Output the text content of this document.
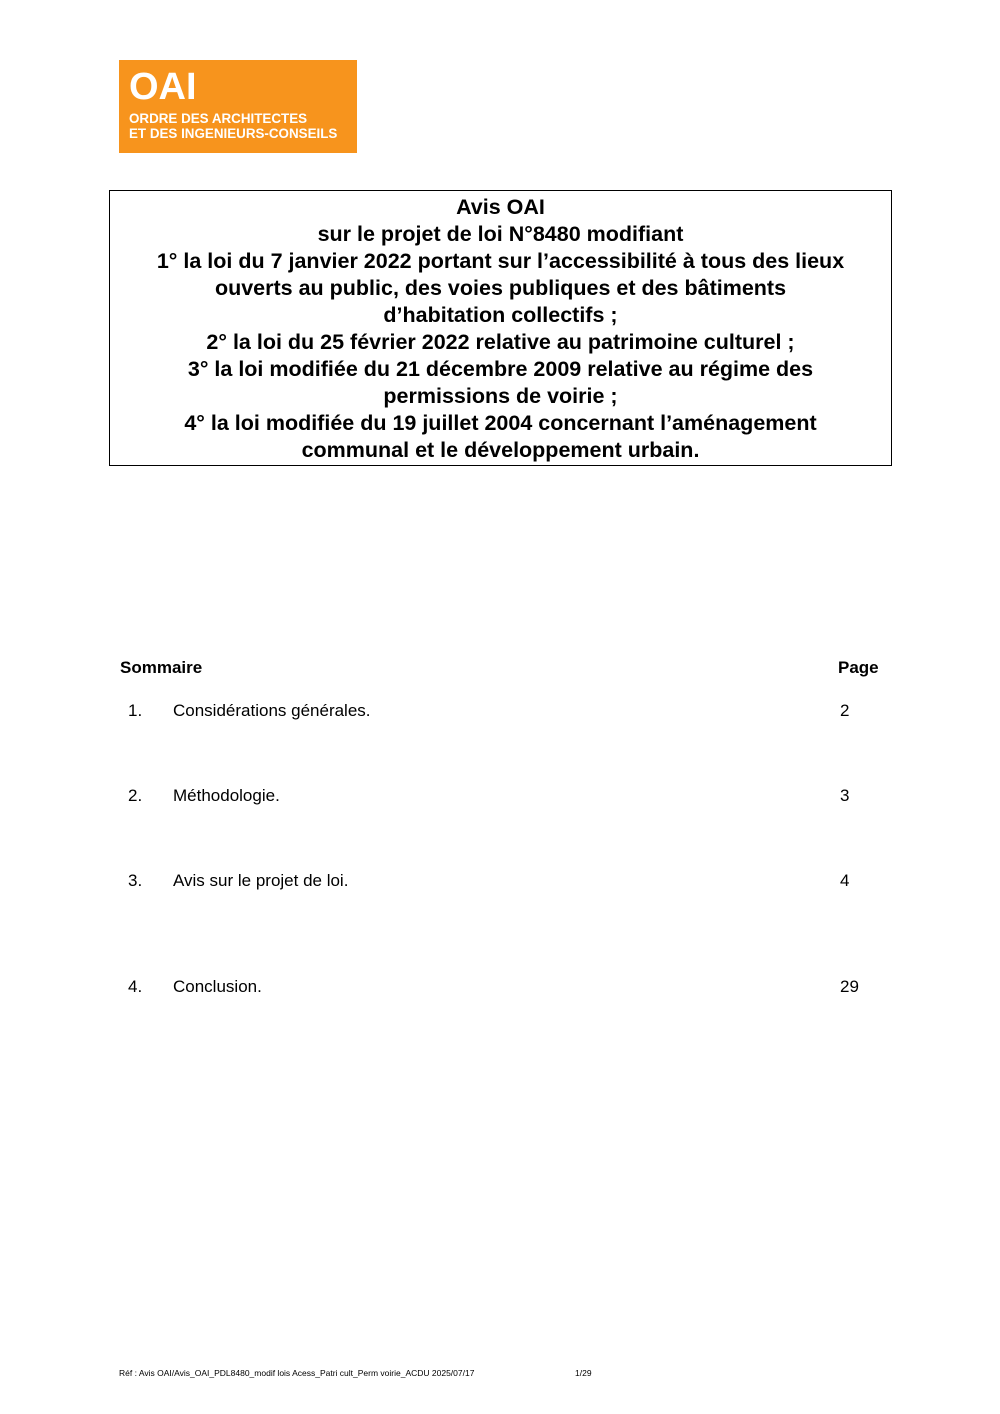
OAI
ORDRE DES ARCHITECTES
ET DES INGENIEURS-CONSEILS
Avis OAI
sur le projet de loi N°8480 modifiant
1° la loi du 7 janvier 2022 portant sur l’accessibilité à tous des lieux
ouverts au public, des voies publiques et des bâtiments
d’habitation collectifs ;
2° la loi du 25 février 2022 relative au patrimoine culturel ;
3° la loi modifiée du 21 décembre 2009 relative au régime des
permissions de voirie ;
4° la loi modifiée du 19 juillet 2004 concernant l’aménagement
communal et le développement urbain.
Sommaire	Page
1. Considérations générales.	2
2. Méthodologie.	3
3. Avis sur le projet de loi.	4
4. Conclusion.	29
Réf : Avis OAI/Avis_OAI_PDL8480_modif lois Acess_Patri cult_Perm voirie_ACDU 2025/07/17	1/29
